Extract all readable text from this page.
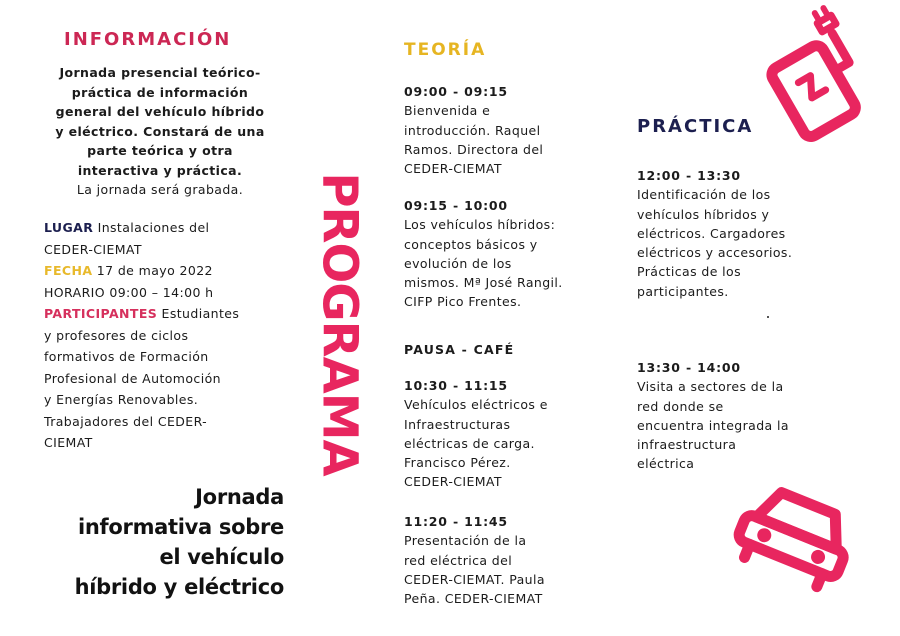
INFORMACIÓN
Jornada presencial teórico-
práctica de información
general del vehículo híbrido
y eléctrico. Constará de una
parte teórica y otra
interactiva y práctica.
La jornada será grabada.
LUGAR Instalaciones del
CEDER-CIEMAT
FECHA 17 de mayo 2022
HORARIO 09:00 – 14:00 h
PARTICIPANTES Estudiantes
y profesores de ciclos
formativos de Formación
Profesional de Automoción
y Energías Renovables.
Trabajadores del CEDER-
CIEMAT
Jornada
informativa sobre
el vehículo
híbrido y eléctrico
PROGRAMA
TEORÍA
09:00 - 09:15
Bienvenida e
introducción. Raquel
Ramos. Directora del
CEDER-CIEMAT
09:15 - 10:00
Los vehículos híbridos:
conceptos básicos y
evolución de los
mismos. Mª José Rangil.
CIFP Pico Frentes.
PAUSA - CAFÉ
10:30 - 11:15
Vehículos eléctricos e
Infraestructuras
eléctricas de carga.
Francisco Pérez.
CEDER-CIEMAT
11:20 - 11:45
Presentación de la
red eléctrica del
CEDER-CIEMAT. Paula
Peña. CEDER-CIEMAT
PRÁCTICA
12:00 - 13:30
Identificación de los
vehículos híbridos y
eléctricos. Cargadores
eléctricos y accesorios.
Prácticas de los
participantes.
13:30 - 14:00
Visita a sectores de la
red donde se
encuentra integrada la
infraestructura
eléctrica
